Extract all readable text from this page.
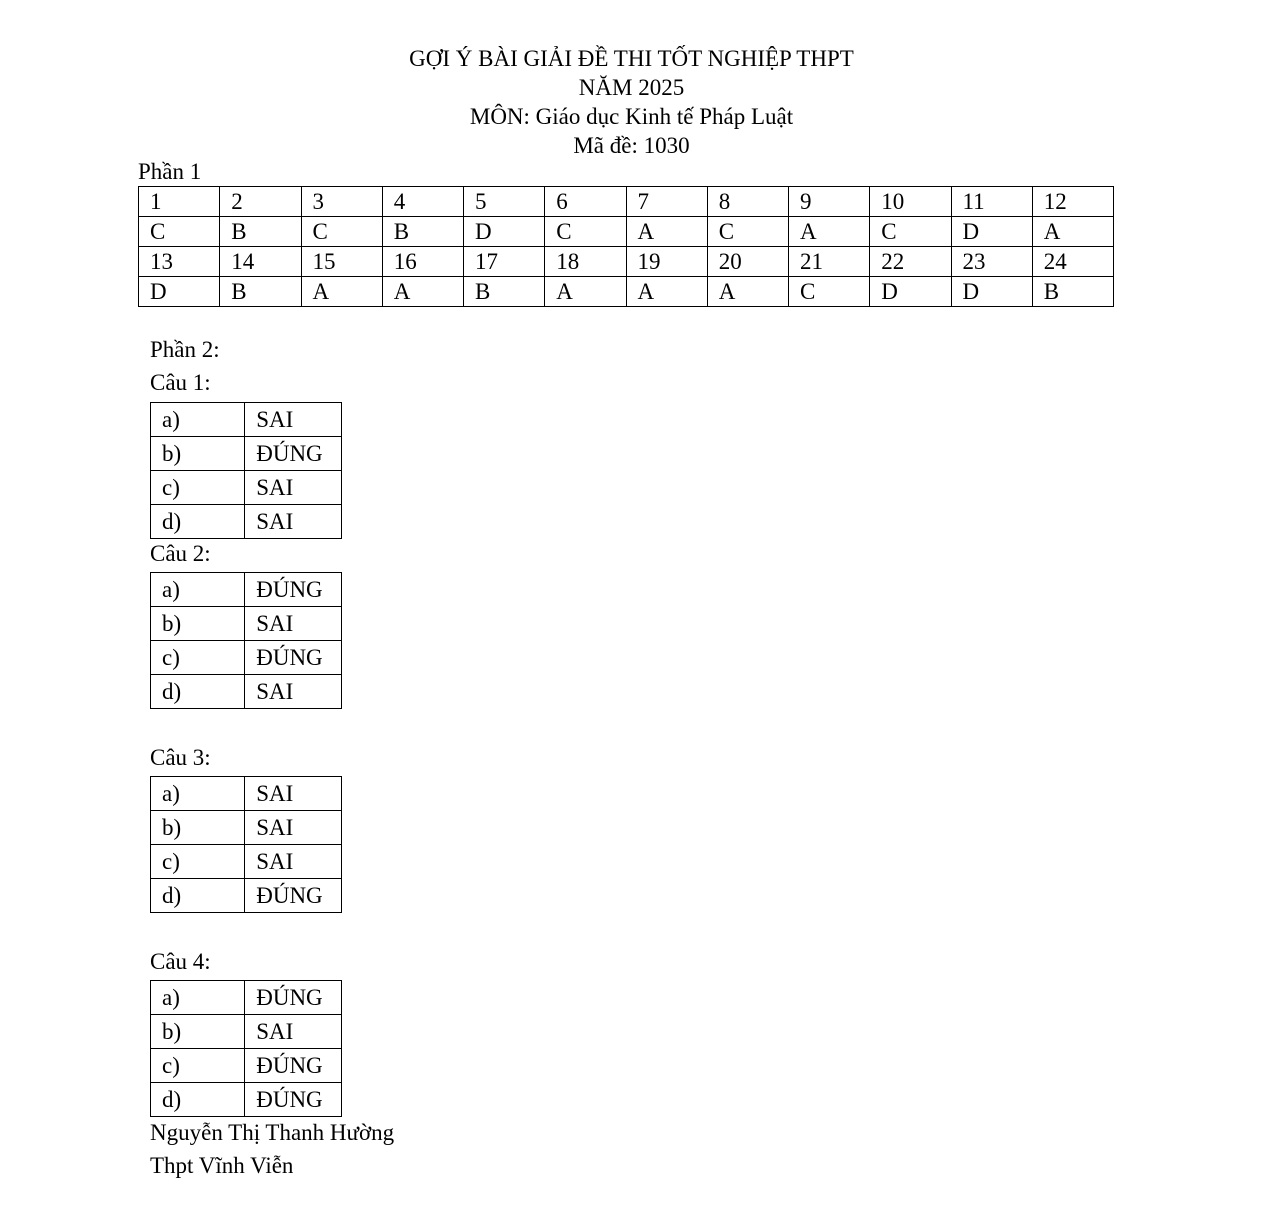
GỢI Ý BÀI GIẢI ĐỀ THI TỐT NGHIỆP THPT
NĂM 2025
MÔN: Giáo dục Kinh tế Pháp Luật
Mã đề: 1030
Phần 1
1	2	3	4	5	6	7	8	9	10	11	12
C	B	C	B	D	C	A	C	A	C	D	A
13	14	15	16	17	18	19	20	21	22	23	24
D	B	A	A	B	A	A	A	C	D	D	B
Phần 2:
Câu 1:
a)	SAI
b)	ĐÚNG
c)	SAI
d)	SAI
Câu 2:
a)	ĐÚNG
b)	SAI
c)	ĐÚNG
d)	SAI
Câu 3:
a)	SAI
b)	SAI
c)	SAI
d)	ĐÚNG
Câu 4:
a)	ĐÚNG
b)	SAI
c)	ĐÚNG
d)	ĐÚNG
Nguyễn Thị Thanh Hường
Thpt Vĩnh Viễn
